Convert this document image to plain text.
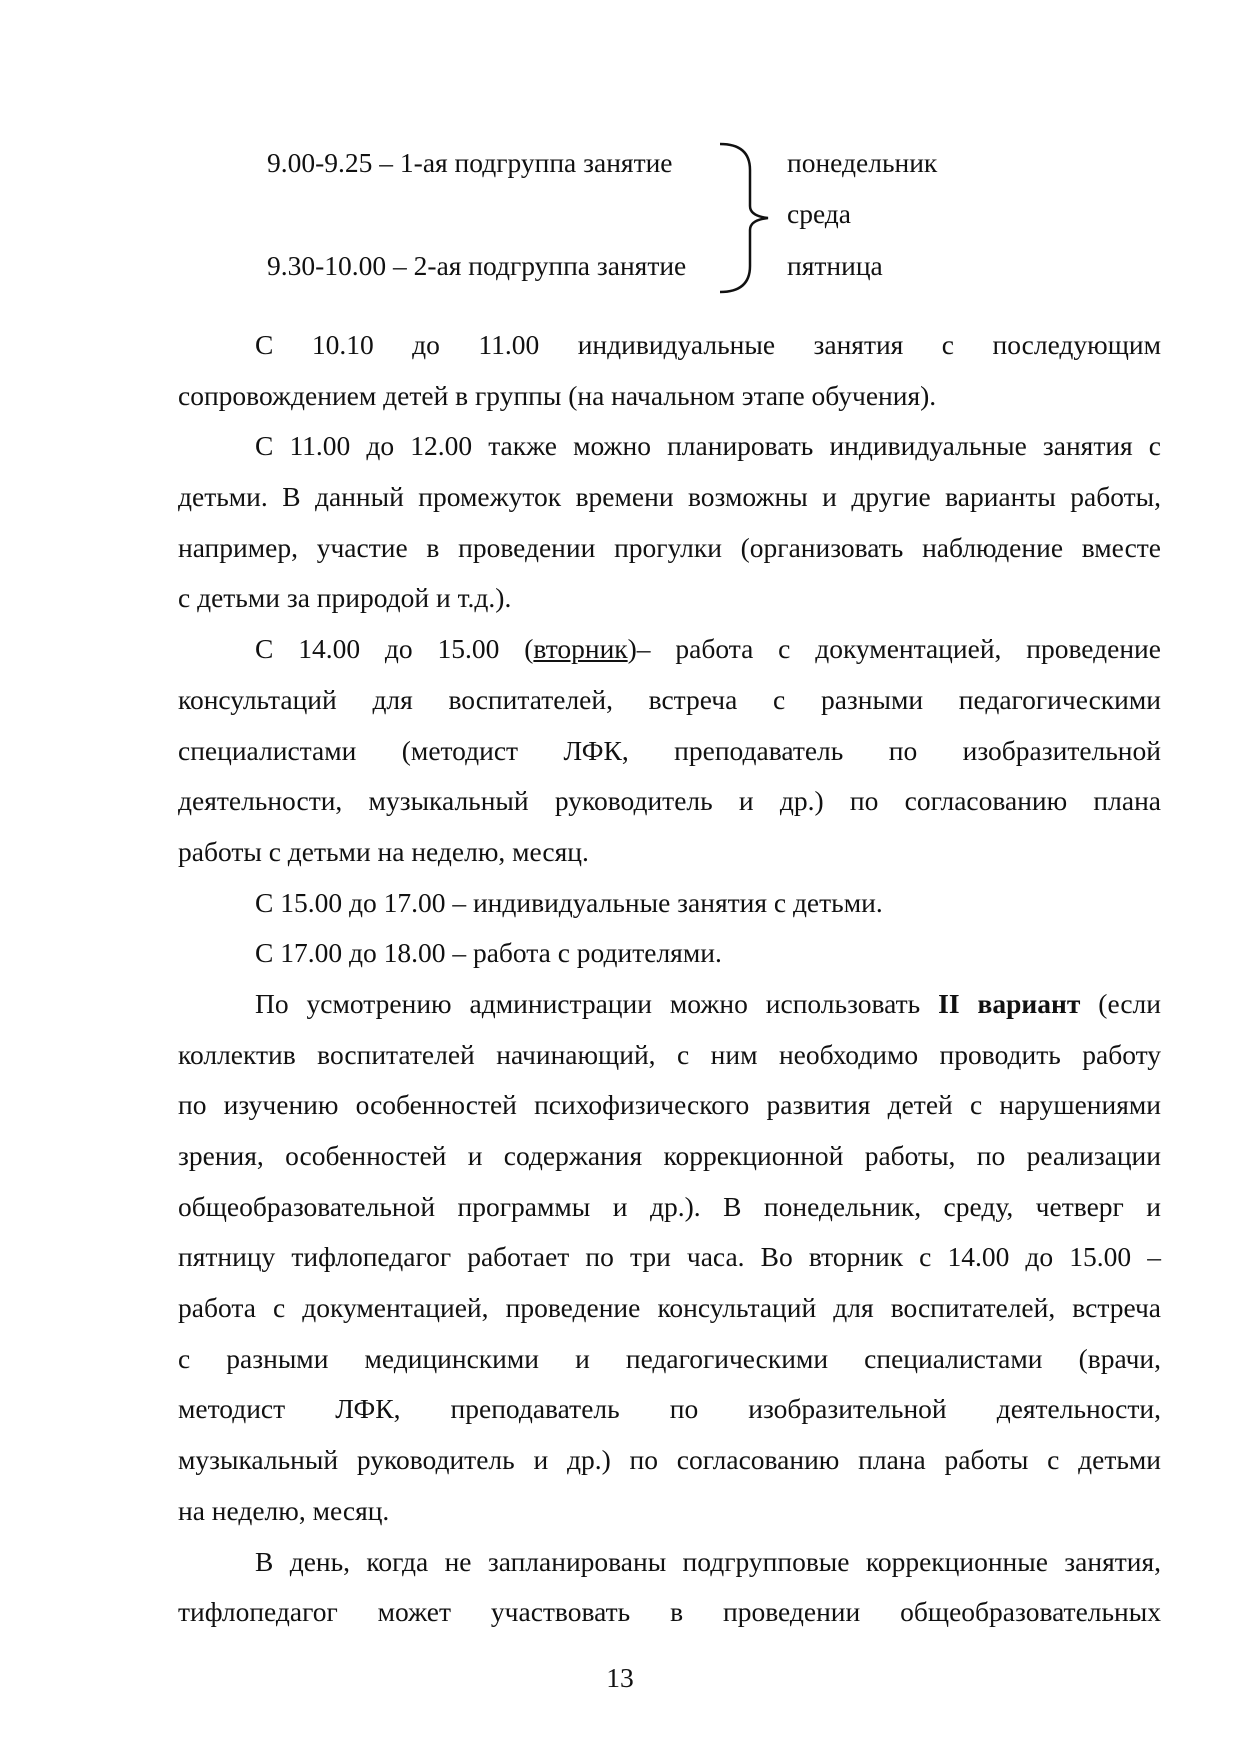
9.00-9.25 – 1-ая подгруппа занятие
9.30-10.00 – 2-ая подгруппа занятие
понедельник
среда
пятница
С 10.10 до 11.00 индивидуальные занятия с последующим
сопровождением детей в группы (на начальном этапе обучения).
С 11.00 до 12.00 также можно планировать индивидуальные занятия с
детьми. В данный промежуток времени возможны и другие варианты работы,
например, участие в проведении прогулки (организовать наблюдение вместе
с детьми за природой и т.д.).
С 14.00 до 15.00 (вторник)– работа с документацией, проведение
консультаций для воспитателей, встреча с разными педагогическими
специалистами (методист ЛФК, преподаватель по изобразительной
деятельности, музыкальный руководитель и др.) по согласованию плана
работы с детьми на неделю, месяц.
С 15.00 до 17.00 – индивидуальные занятия с детьми.
С 17.00 до 18.00 – работа с родителями.
По усмотрению администрации можно использовать II вариант (если
коллектив воспитателей начинающий, с ним необходимо проводить работу
по изучению особенностей психофизического развития детей с нарушениями
зрения, особенностей и содержания коррекционной работы, по реализации
общеобразовательной программы и др.). В понедельник, среду, четверг и
пятницу тифлопедагог работает по три часа. Во вторник с 14.00 до 15.00 –
работа с документацией, проведение консультаций для воспитателей, встреча
с разными медицинскими и педагогическими специалистами (врачи,
методист ЛФК, преподаватель по изобразительной деятельности,
музыкальный руководитель и др.) по согласованию плана работы с детьми
на неделю, месяц.
В день, когда не запланированы подгрупповые коррекционные занятия,
тифлопедагог может участвовать в проведении общеобразовательных
13
